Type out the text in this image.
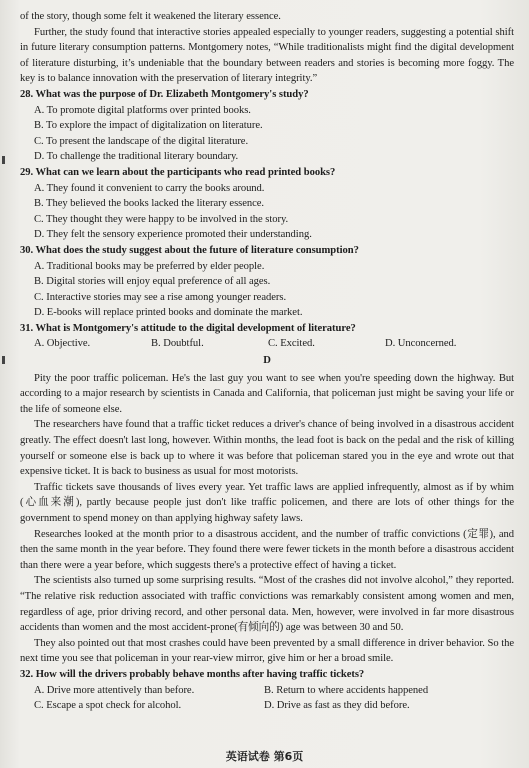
of the story, though some felt it weakened the literary essence.

Further, the study found that interactive stories appealed especially to younger readers, suggesting a potential shift in future literary consumption patterns. Montgomery notes, “While traditionalists might find the digital development of literature disturbing, it’s undeniable that the boundary between readers and stories is becoming more foggy. The key is to balance innovation with the preservation of literary integrity.”

28. What was the purpose of Dr. Elizabeth Montgomery's study?

A. To promote digital platforms over printed books.

B. To explore the impact of digitalization on literature.

C. To present the landscape of the digital literature.

D. To challenge the traditional literary boundary.

29. What can we learn about the participants who read printed books?

A. They found it convenient to carry the books around.

B. They believed the books lacked the literary essence.

C. They thought they were happy to be involved in the story.

D. They felt the sensory experience promoted their understanding.

30. What does the study suggest about the future of literature consumption?

A. Traditional books may be preferred by elder people.

B. Digital stories will enjoy equal preference of all ages.

C. Interactive stories may see a rise among younger readers.

D. E-books will replace printed books and dominate the market.

31. What is Montgomery's attitude to the digital development of literature?

A. Objective.	B. Doubtful.	C. Excited.	D. Unconcerned.
D

Pity the poor traffic policeman. He's the last guy you want to see when you're speeding down the highway. But according to a major research by scientists in Canada and California, that policeman just might be saving your life or the life of someone else.

The researchers have found that a traffic ticket reduces a driver's chance of being involved in a disastrous accident greatly. The effect doesn't last long, however. Within months, the lead foot is back on the pedal and the risk of killing yourself or someone else is back up to where it was before that policeman stared you in the eye and wrote out that expensive ticket. It is back to business as usual for most motorists.

Traffic tickets save thousands of lives every year. Yet traffic laws are applied infrequently, almost as if by whim (心血来潮), partly because people just don't like traffic policemen, and there are lots of other things for the government to spend money on than applying highway safety laws.

Researches looked at the month prior to a disastrous accident, and the number of traffic convictions (定罪), and then the same month in the year before. They found there were fewer tickets in the month before a disastrous accident than there were a year before, which suggests there's a protective effect of having a ticket.

The scientists also turned up some surprising results. “Most of the crashes did not involve alcohol,” they reported. “The relative risk reduction associated with traffic convictions was remarkably consistent among women and men, regardless of age, prior driving record, and other personal data. Men, however, were involved in far more disastrous accidents than women and the most accident-prone(有倾向的) age was between 30 and 50.

They also pointed out that most crashes could have been prevented by a small difference in driver behavior. So the next time you see that policeman in your rear-view mirror, give him or her a broad smile.

32. How will the drivers probably behave months after having traffic tickets?

A. Drive more attentively than before.	B. Return to where accidents happened
C. Escape a spot check for alcohol.	D. Drive as fast as they did before.
英语试卷 第6页
